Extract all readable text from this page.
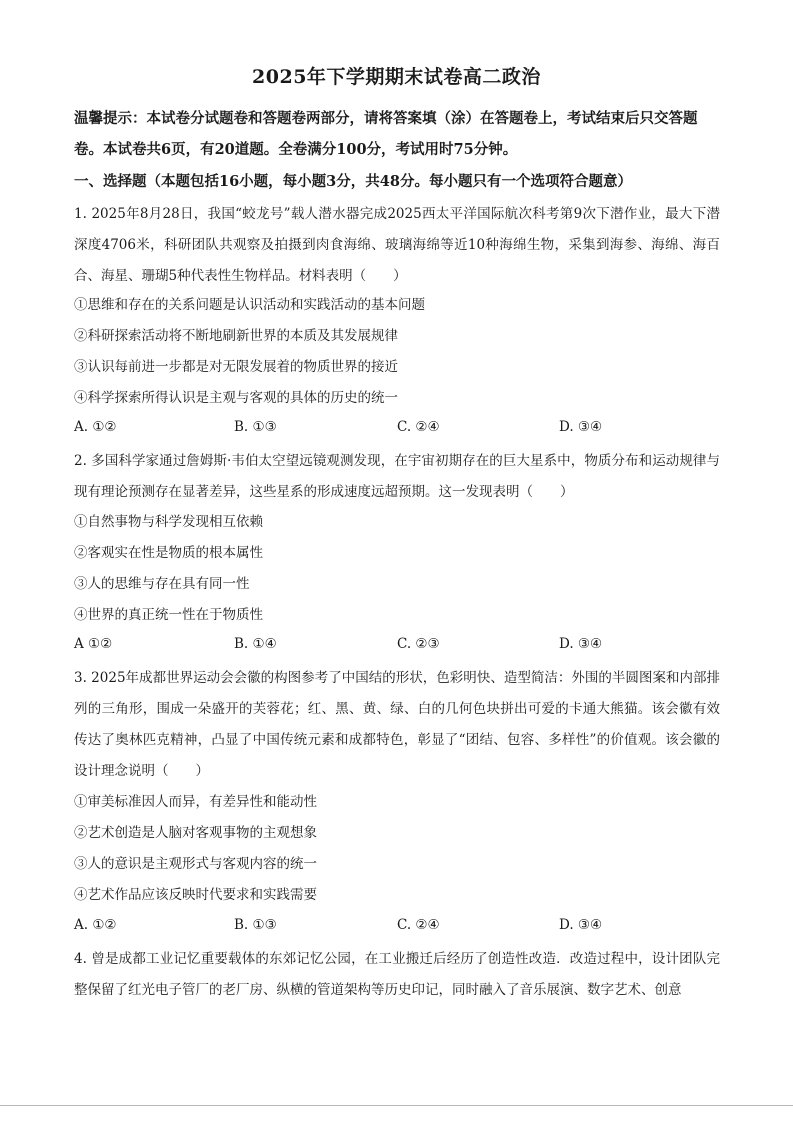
2025年下学期期末试卷高二政治
温馨提示：本试卷分试题卷和答题卷两部分，请将答案填（涂）在答题卷上，考试结束后只交答题卷。本试卷共6页，有20道题。全卷满分100分，考试用时75分钟。
一、选择题（本题包括16小题，每小题3分，共48分。每小题只有一个选项符合题意）
1. 2025年8月28日，我国“蛟龙号”载人潜水器完成2025西太平洋国际航次科考第9次下潜作业，最大下潜深度4706米，科研团队共观察及拍摄到肉食海绵、玻璃海绵等近10种海绵生物，采集到海参、海绵、海百合、海星、珊瑚5种代表性生物样品。材料表明（　　）
①思维和存在的关系问题是认识活动和实践活动的基本问题
②科研探索活动将不断地刷新世界的本质及其发展规律
③认识每前进一步都是对无限发展着的物质世界的接近
④科学探索所得认识是主观与客观的具体的历史的统一
A. ①②	B. ①③	C. ②④	D. ③④
2. 多国科学家通过詹姆斯·韦伯太空望远镜观测发现，在宇宙初期存在的巨大星系中，物质分布和运动规律与现有理论预测存在显著差异，这些星系的形成速度远超预期。这一发现表明（　　）
①自然事物与科学发现相互依赖
②客观实在性是物质的根本属性
③人的思维与存在具有同一性
④世界的真正统一性在于物质性
A ①②	B. ①④	C. ②③	D. ③④
3. 2025年成都世界运动会会徽的构图参考了中国结的形状，色彩明快、造型简洁：外围的半圆图案和内部排列的三角形，围成一朵盛开的芙蓉花；红、黑、黄、绿、白的几何色块拼出可爱的卡通大熊猫。该会徽有效传达了奥林匹克精神，凸显了中国传统元素和成都特色，彰显了“团结、包容、多样性”的价值观。该会徽的设计理念说明（　　）
①审美标准因人而异，有差异性和能动性
②艺术创造是人脑对客观事物的主观想象
③人的意识是主观形式与客观内容的统一
④艺术作品应该反映时代要求和实践需要
A. ①②	B. ①③	C. ②④	D. ③④
4. 曾是成都工业记忆重要载体的东郊记忆公园，在工业搬迁后经历了创造性改造．改造过程中，设计团队完整保留了红光电子管厂的老厂房、纵横的管道架构等历史印记，同时融入了音乐展演、数字艺术、创意
